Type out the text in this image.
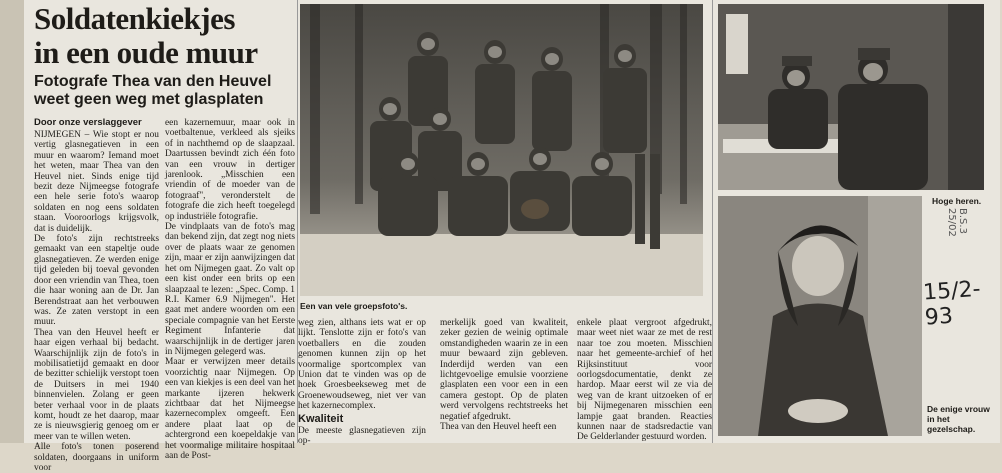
Soldatenkiekjes
in een oude muur
Fotografe Thea van den Heuvel
weet geen weg met glasplaten
Door onze verslaggever
NIJMEGEN – Wie stopt er nou vertig glasnegatieven in een muur en waarom? Iemand moet het weten, maar Thea van den Heuvel niet. Sinds enige tijd bezit deze Nijmeegse fotografe een hele serie foto's waarop soldaten en nog eens soldaten staan. Vooroorlogs krijgsvolk, dat is duidelijk.
De foto's zijn rechtstreeks gemaakt van een stapeltje oude glasnegatieven. Ze werden enige tijd geleden bij toeval gevonden door een vriendin van Thea, toen die haar woning aan de Dr. Jan Berendstraat aan het verbouwen was. Ze zaten verstopt in een muur.
Thea van den Heuvel heeft er haar eigen verhaal bij bedacht. Waarschijnlijk zijn de foto's in mobilisatietijd gemaakt en door de bezitter schielijk verstopt toen de Duitsers in mei 1940 binnenvielen. Zolang er geen beter verhaal voor in de plaats komt, houdt ze het daarop, maar ze is nieuwsgierig genoeg om er meer van te willen weten.
Alle foto's tonen poserend soldaten, doorgaans in uniform voor
een kazernemuur, maar ook in voetbaltenue, verkleed als sjeiks of in nachthemd op de slaapzaal. Daartussen bevindt zich één foto van een vrouw in dertiger jarenlook. „Misschien een vriendin of de moeder van de fotograaf", veronderstelt de fotografe die zich heeft toegelegd op industriële fotografie.
De vindplaats van de foto's mag dan bekend zijn, dat zegt nog niets over de plaats waar ze genomen zijn, maar er zijn aanwijzingen dat het om Nijmegen gaat. Zo valt op een kist onder een brits op een slaapzaal te lezen: „Spec. Comp. 1 R.I. Kamer 6.9 Nijmegen". Het gaat met andere woorden om een speciale compagnie van het Eerste Regiment Infanterie dat waarschijnlijk in de dertiger jaren in Nijmegen gelegerd was.
Maar er verwijzen meer details voorzichtig naar Nijmegen. Op een van kiekjes is een deel van het markante ijzeren hekwerk zichtbaar dat het Nijmeegse kazernecomplex omgeeft. Een andere plaat laat op de achtergrond een koepeldakje van het voormalige militaire hospitaal aan de Post-
Een van vele groepsfoto's.
Hoge heren.
De enige vrouw in het gezelschap.
weg zien, althans iets wat er op lijkt. Tenslotte zijn er foto's van voetballers en die zouden genomen kunnen zijn op het voormalige sportcomplex van Union dat te vinden was op de hoek Groesbeekseweg met de Groenewoudseweg, niet ver van het kazernecomplex.
Kwaliteit
De meeste glasnegatieven zijn op-
merkelijk goed van kwaliteit, zeker gezien de weinig optimale omstandigheden waarin ze in een muur bewaard zijn gebleven. Inderdijd werden van een lichtgevoelige emulsie voorziene glasplaten een voor een in een camera gestopt. Op de platen werd vervolgens rechtstreeks het negatief afgedrukt.
Thea van den Heuvel heeft een
enkele plaat vergroot afgedrukt, maar weet niet waar ze met de rest naar toe zou moeten. Misschien naar het gemeente-archief of het Rijksinstituut voor oorlogsdocumentatie, denkt ze hardop. Maar eerst wil ze via de weg van de krant uitzoeken of er bij Nijmegenaren misschien een lampje gaat branden. Reacties kunnen naar de stadsredactie van De Gelderlander gestuurd worden.
15/2-93
B.S.3 25/02
